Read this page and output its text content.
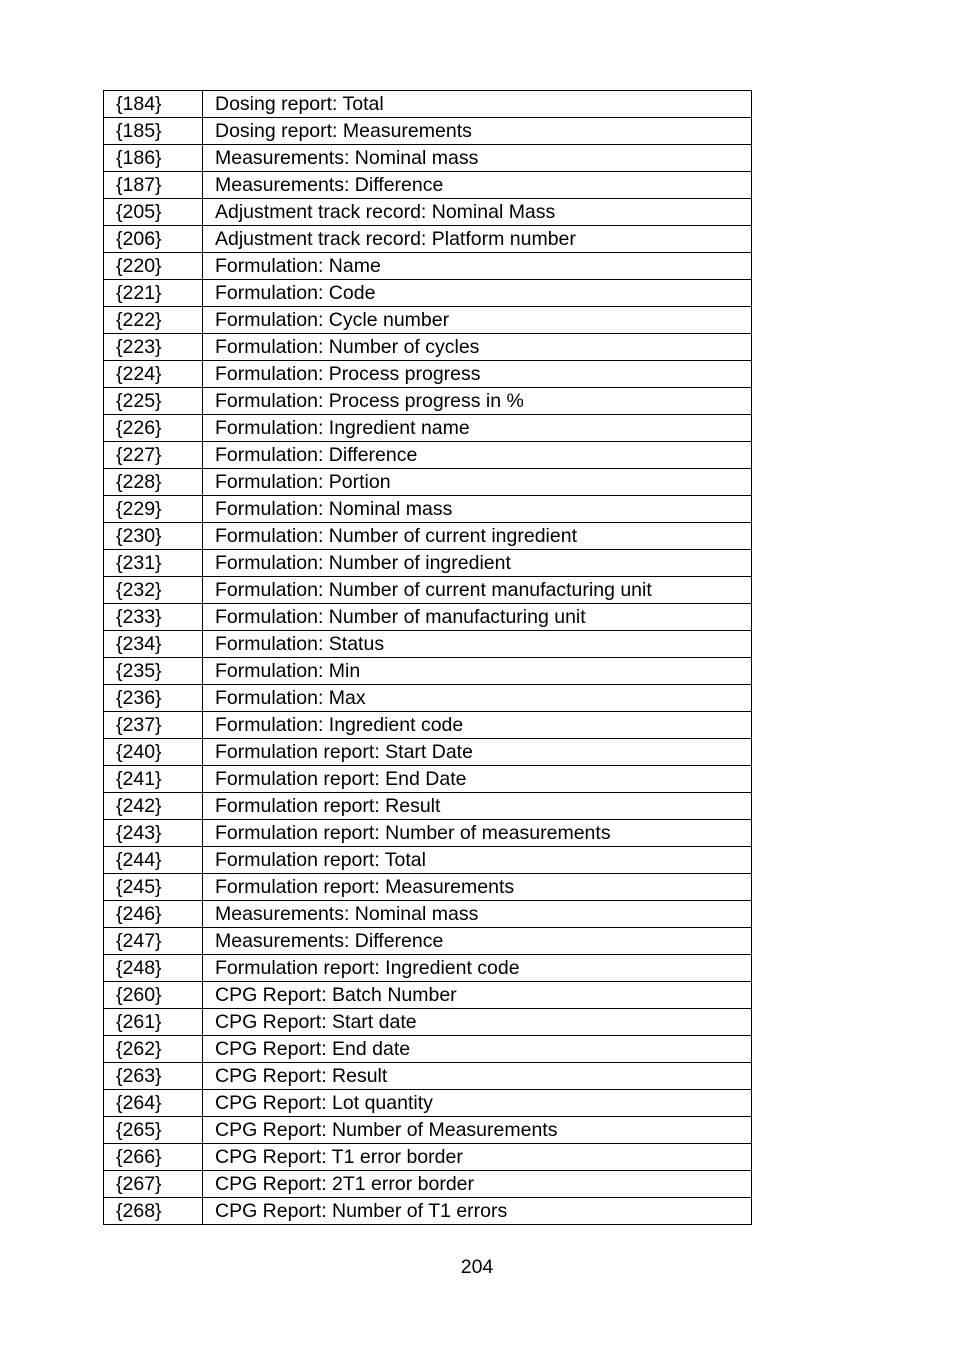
{184}	Dosing report: Total
{185}	Dosing report: Measurements
{186}	Measurements: Nominal mass
{187}	Measurements: Difference
{205}	Adjustment track record: Nominal Mass
{206}	Adjustment track record: Platform number
{220}	Formulation: Name
{221}	Formulation: Code
{222}	Formulation: Cycle number
{223}	Formulation: Number of cycles
{224}	Formulation: Process progress
{225}	Formulation: Process progress in %
{226}	Formulation: Ingredient name
{227}	Formulation: Difference
{228}	Formulation: Portion
{229}	Formulation: Nominal mass
{230}	Formulation: Number of current ingredient
{231}	Formulation: Number of ingredient
{232}	Formulation: Number of current manufacturing unit
{233}	Formulation: Number of manufacturing unit
{234}	Formulation: Status
{235}	Formulation: Min
{236}	Formulation: Max
{237}	Formulation: Ingredient code
{240}	Formulation report: Start Date
{241}	Formulation report: End Date
{242}	Formulation report: Result
{243}	Formulation report: Number of measurements
{244}	Formulation report: Total
{245}	Formulation report: Measurements
{246}	Measurements: Nominal mass
{247}	Measurements: Difference
{248}	Formulation report: Ingredient code
{260}	CPG Report: Batch Number
{261}	CPG Report: Start date
{262}	CPG Report: End date
{263}	CPG Report: Result
{264}	CPG Report: Lot quantity
{265}	CPG Report: Number of Measurements
{266}	CPG Report: T1 error border
{267}	CPG Report: 2T1 error border
{268}	CPG Report: Number of T1 errors
204
